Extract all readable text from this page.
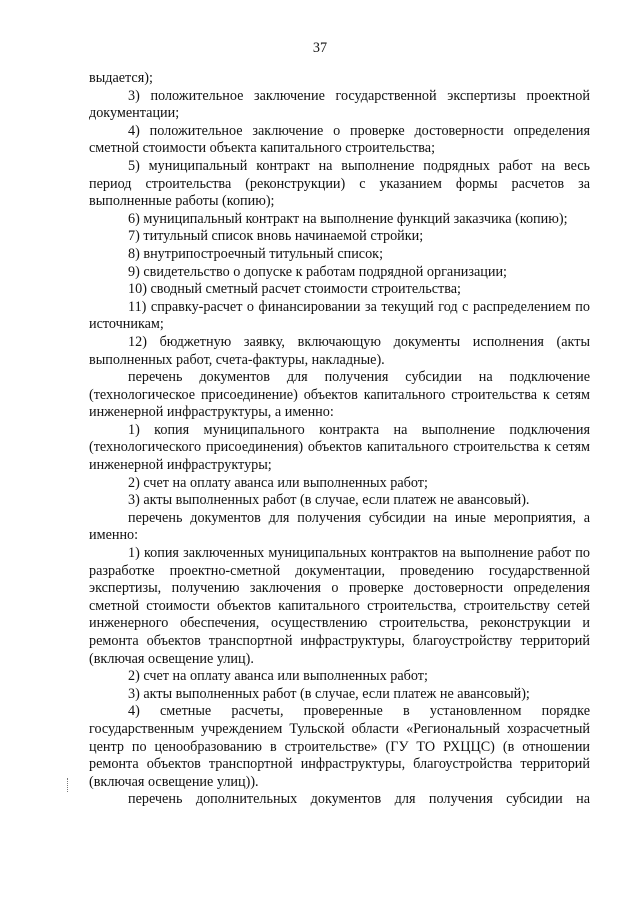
37

выдается);

3) положительное заключение государственной экспертизы проектной документации;

4) положительное заключение о проверке достоверности определения сметной стоимости объекта капитального строительства;

5) муниципальный контракт на выполнение подрядных работ на весь период строительства (реконструкции) с указанием формы расчетов за выполненные работы (копию);

6) муниципальный контракт на выполнение функций заказчика (копию);

7) титульный список вновь начинаемой стройки;

8) внутрипостроечный титульный список;

9) свидетельство о допуске к работам подрядной организации;

10) сводный сметный расчет стоимости строительства;

11) справку-расчет о финансировании за текущий год с распределением по источникам;

12) бюджетную заявку, включающую документы исполнения (акты выполненных работ, счета-фактуры, накладные).

перечень документов для получения субсидии на подключение (технологическое присоединение) объектов капитального строительства к сетям инженерной инфраструктуры, а именно:

1) копия муниципального контракта на выполнение подключения (технологического присоединения) объектов капитального строительства к сетям инженерной инфраструктуры;

2) счет на оплату аванса или выполненных работ;

3) акты выполненных работ (в случае, если платеж не авансовый).

перечень документов для получения субсидии на иные мероприятия, а именно:

1) копия заключенных муниципальных контрактов на выполнение работ по разработке проектно-сметной документации, проведению государственной экспертизы, получению заключения о проверке достоверности определения сметной стоимости объектов капитального строительства, строительству сетей инженерного обеспечения, осуществлению строительства, реконструкции и ремонта объектов транспортной инфраструктуры, благоустройству территорий (включая освещение улиц).

2) счет на оплату аванса или выполненных работ;

3) акты выполненных работ (в случае, если платеж не авансовый);

4) сметные расчеты, проверенные в установленном порядке государственным учреждением Тульской области «Региональный хозрасчетный центр по ценообразованию в строительстве» (ГУ ТО РХЦЦС) (в отношении ремонта объектов транспортной инфраструктуры, благоустройства территорий (включая освещение улиц)).

перечень дополнительных документов для получения субсидии на
